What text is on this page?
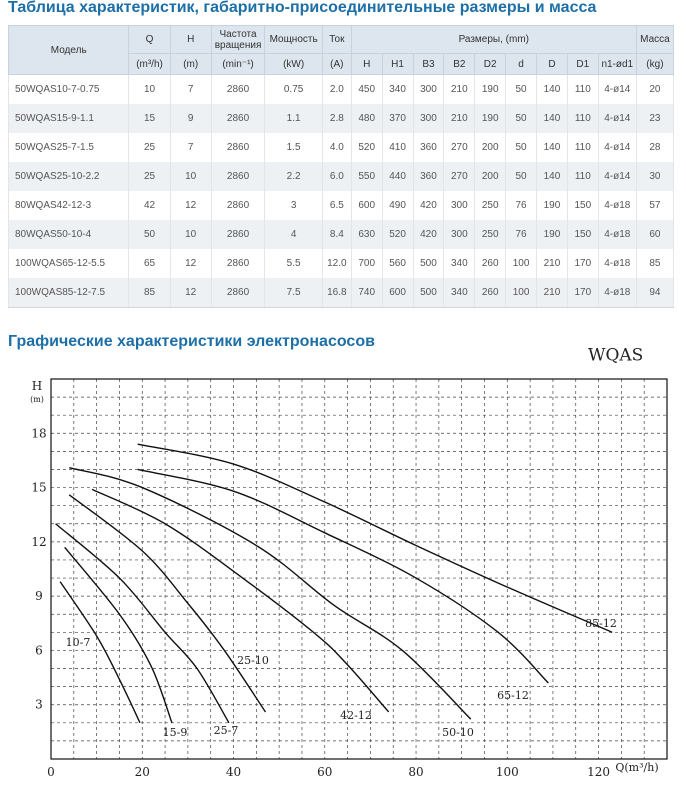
Таблица характеристик, габаритно-присоединительные размеры и масса
Модель	Q	H	Частота вращения	Мощность	Ток	Размеры, (mm)									Масса
	(m³/h)	(m)	(min⁻¹)	(kW)	(A)	H	H1	B3	B2	D2	d	D	D1	n1-ød1	(kg)
50WQAS10-7-0.75	10	7	2860	0.75	2.0	450	340	300	210	190	50	140	110	4-ø14	20
50WQAS15-9-1.1	15	9	2860	1.1	2.8	480	370	300	210	190	50	140	110	4-ø14	23
50WQAS25-7-1.5	25	7	2860	1.5	4.0	520	410	360	270	200	50	140	110	4-ø14	28
50WQAS25-10-2.2	25	10	2860	2.2	6.0	550	440	360	270	200	50	140	110	4-ø14	30
80WQAS42-12-3	42	12	2860	3	6.5	600	490	420	300	250	76	190	150	4-ø18	57
80WQAS50-10-4	50	10	2860	4	8.4	630	520	420	300	250	76	190	150	4-ø18	60
100WQAS65-12-5.5	65	12	2860	5.5	12.0	700	560	500	340	260	100	210	170	4-ø18	85
100WQAS85-12-7.5	85	12	2860	7.5	16.8	740	600	500	340	260	100	210	170	4-ø18	94
Графические характеристики электронасосов
WQAS
0	20	40	60	80	100	120
3
6
9
12
15
18
H
(m)
Q(m³/h)
10-7
15-9 25-7
25-10
42-12
50-10
65-12
85-12
